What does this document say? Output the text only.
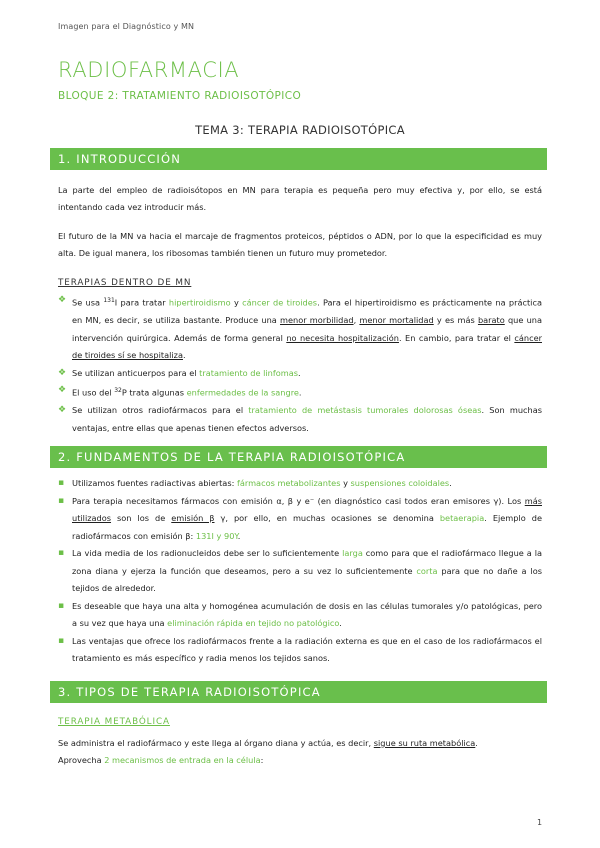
Imagen para el Diagnóstico y MN
RADIOFARMACIA
BLOQUE 2: TRATAMIENTO RADIOISOTÓPICO
TEMA 3: TERAPIA RADIOISOTÓPICA
1. INTRODUCCIÓN
La parte del empleo de radioisótopos en MN para terapia es pequeña pero muy efectiva y, por ello, se está intentando cada vez introducir más.
El futuro de la MN va hacia el marcaje de fragmentos proteicos, péptidos o ADN, por lo que la especificidad es muy alta. De igual manera, los ribosomas también tienen un futuro muy prometedor.
TERAPIAS DENTRO DE MN
❖ Se usa $^{131}$I para tratar hipertiroidismo y cáncer de tiroides. Para el hipertiroidismo es prácticamente na práctica en MN, es decir, se utiliza bastante. Produce una menor morbilidad, menor mortalidad y es más barato que una intervención quirúrgica. Además de forma general no necesita hospitalización. En cambio, para tratar el cáncer de tiroides sí se hospitaliza.
❖ Se utilizan anticuerpos para el tratamiento de linfomas.
❖ El uso del $^{32}$P trata algunas enfermedades de la sangre.
❖ Se utilizan otros radiofármacos para el tratamiento de metástasis tumorales dolorosas óseas. Son muchas ventajas, entre ellas que apenas tienen efectos adversos.
2. FUNDAMENTOS DE LA TERAPIA RADIOISOTÓPICA
▪ Utilizamos fuentes radiactivas abiertas: fármacos metabolizantes y suspensiones coloidales.
▪ Para terapia necesitamos fármacos con emisión α, β y e⁻ (en diagnóstico casi todos eran emisores γ). Los más utilizados son los de emisión β γ, por ello, en muchas ocasiones se denomina betaerapia. Ejemplo de radiofármacos con emisión β: 131I y 90Y.
▪ La vida media de los radionucleidos debe ser lo suficientemente larga como para que el radiofármaco llegue a la zona diana y ejerza la función que deseamos, pero a su vez lo suficientemente corta para que no dañe a los tejidos de alrededor.
▪ Es deseable que haya una alta y homogénea acumulación de dosis en las células tumorales y/o patológicas, pero a su vez que haya una eliminación rápida en tejido no patológico.
▪ Las ventajas que ofrece los radiofármacos frente a la radiación externa es que en el caso de los radiofármacos el tratamiento es más específico y radia menos los tejidos sanos.
3. TIPOS DE TERAPIA RADIOISOTÓPICA
TERAPIA METABÓLICA
Se administra el radiofármaco y este llega al órgano diana y actúa, es decir, sigue su ruta metabólica.
Aprovecha 2 mecanismos de entrada en la célula:
1
